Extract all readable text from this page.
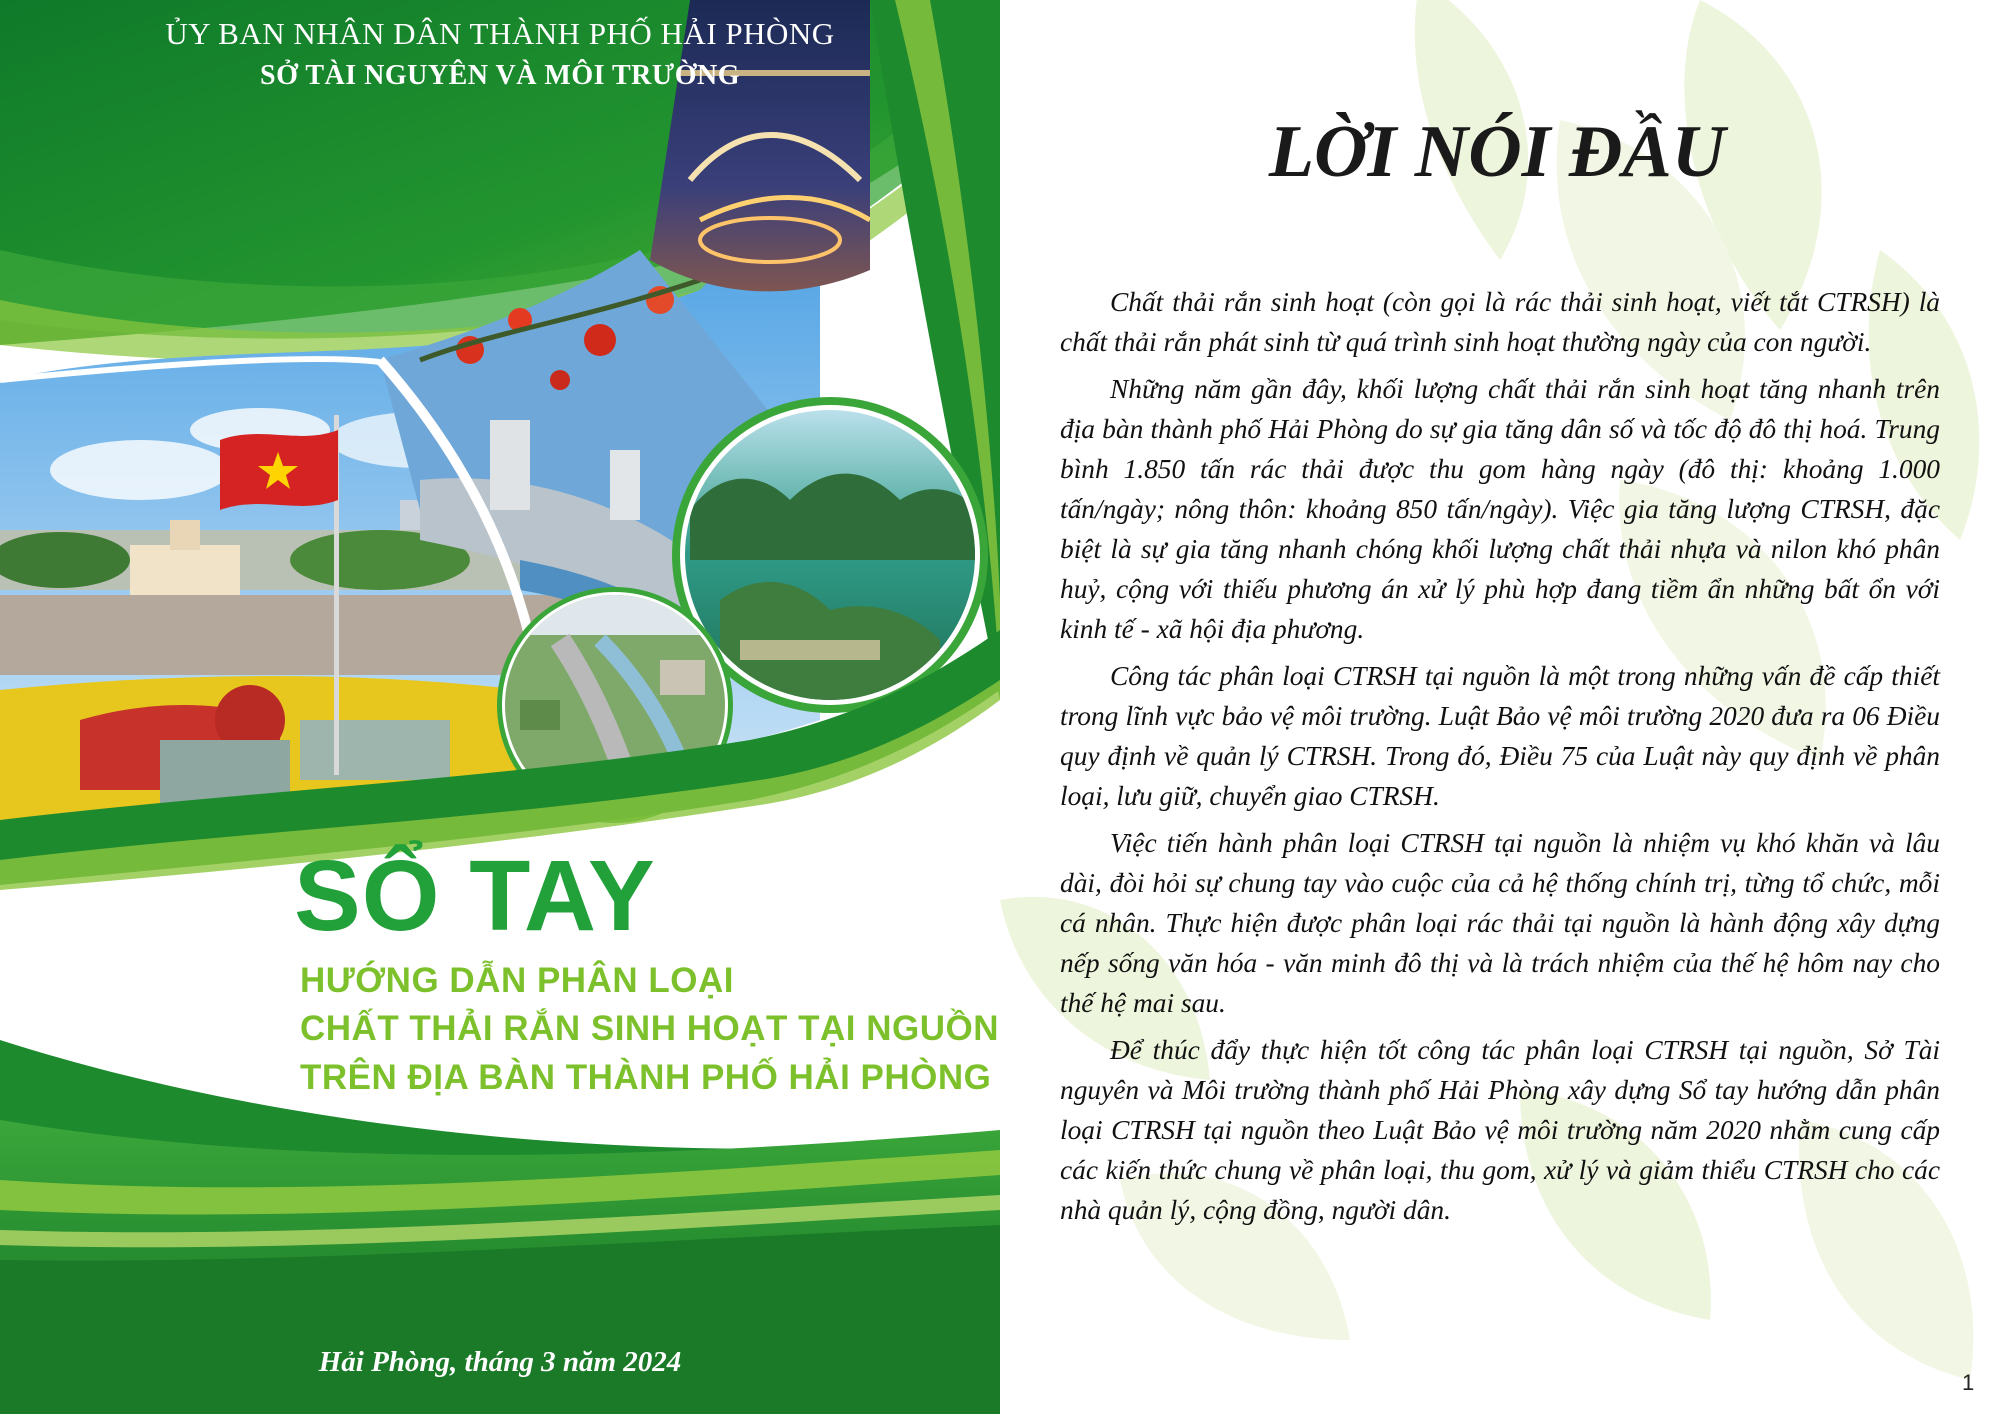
ỦY BAN NHÂN DÂN THÀNH PHỐ HẢI PHÒNG
SỞ TÀI NGUYÊN VÀ MÔI TRƯỜNG
SỔ TAY
HƯỚNG DẪN PHÂN LOẠI
CHẤT THẢI RẮN SINH HOẠT TẠI NGUỒN
TRÊN ĐỊA BÀN THÀNH PHỐ HẢI PHÒNG
Hải Phòng, tháng 3 năm 2024
LỜI NÓI ĐẦU

Chất thải rắn sinh hoạt (còn gọi là rác thải sinh hoạt, viết tắt CTRSH) là chất thải rắn phát sinh từ quá trình sinh hoạt thường ngày của con người.

Những năm gần đây, khối lượng chất thải rắn sinh hoạt tăng nhanh trên địa bàn thành phố Hải Phòng do sự gia tăng dân số và tốc độ đô thị hoá. Trung bình 1.850 tấn rác thải được thu gom hàng ngày (đô thị: khoảng 1.000 tấn/ngày; nông thôn: khoảng 850 tấn/ngày). Việc gia tăng lượng CTRSH, đặc biệt là sự gia tăng nhanh chóng khối lượng chất thải nhựa và nilon khó phân huỷ, cộng với thiếu phương án xử lý phù hợp đang tiềm ẩn những bất ổn với kinh tế - xã hội địa phương.

Công tác phân loại CTRSH tại nguồn là một trong những vấn đề cấp thiết trong lĩnh vực bảo vệ môi trường. Luật Bảo vệ môi trường 2020 đưa ra 06 Điều quy định về quản lý CTRSH. Trong đó, Điều 75 của Luật này quy định về phân loại, lưu giữ, chuyển giao CTRSH.

Việc tiến hành phân loại CTRSH tại nguồn là nhiệm vụ khó khăn và lâu dài, đòi hỏi sự chung tay vào cuộc của cả hệ thống chính trị, từng tổ chức, mỗi cá nhân. Thực hiện được phân loại rác thải tại nguồn là hành động xây dựng nếp sống văn hóa - văn minh đô thị và là trách nhiệm của thế hệ hôm nay cho thế hệ mai sau.

Để thúc đẩy thực hiện tốt công tác phân loại CTRSH tại nguồn, Sở Tài nguyên và Môi trường thành phố Hải Phòng xây dựng Sổ tay hướng dẫn phân loại CTRSH tại nguồn theo Luật Bảo vệ môi trường năm 2020 nhằm cung cấp các kiến thức chung về phân loại, thu gom, xử lý và giảm thiểu CTRSH cho các nhà quản lý, cộng đồng, người dân.

1
